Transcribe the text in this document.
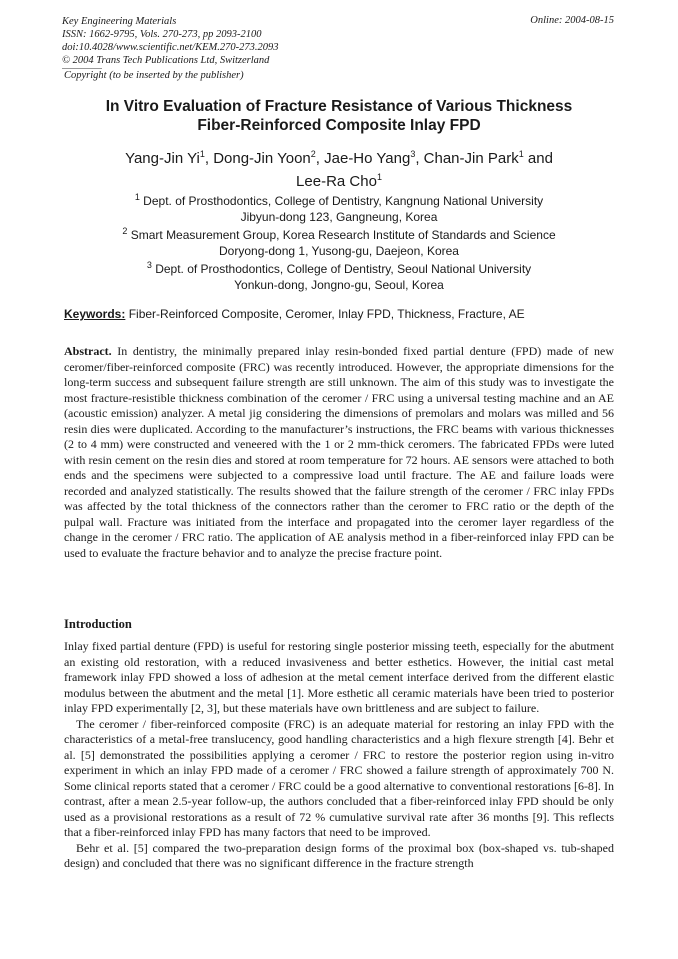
Key Engineering Materials
ISSN: 1662-9795, Vols. 270-273, pp 2093-2100
doi:10.4028/www.scientific.net/KEM.270-273.2093
© 2004 Trans Tech Publications Ltd, Switzerland
Online: 2004-08-15
Copyright (to be inserted by the publisher)
In Vitro Evaluation of Fracture Resistance of Various Thickness
Fiber-Reinforced Composite Inlay FPD
Yang-Jin Yi$^1$, Dong-Jin Yoon$^2$, Jae-Ho Yang$^3$, Chan-Jin Park$^1$ and
Lee-Ra Cho$^1$
$^1$ Dept. of Prosthodontics, College of Dentistry, Kangnung National University
Jibyun-dong 123, Gangneung, Korea
$^2$ Smart Measurement Group, Korea Research Institute of Standards and Science
Doryong-dong 1, Yusong-gu, Daejeon, Korea
$^3$ Dept. of Prosthodontics, College of Dentistry, Seoul National University
Yonkun-dong, Jongno-gu, Seoul, Korea
Keywords: Fiber-Reinforced Composite, Ceromer, Inlay FPD, Thickness, Fracture, AE
Abstract. In dentistry, the minimally prepared inlay resin-bonded fixed partial denture (FPD) made of new ceromer/fiber-reinforced composite (FRC) was recently introduced. However, the appropriate dimensions for the long-term success and subsequent failure strength are still unknown. The aim of this study was to investigate the most fracture-resistible thickness combination of the ceromer / FRC using a universal testing machine and an AE (acoustic emission) analyzer. A metal jig considering the dimensions of premolars and molars was milled and 56 resin dies were duplicated. According to the manufacturer’s instructions, the FRC beams with various thicknesses (2 to 4 mm) were constructed and veneered with the 1 or 2 mm-thick ceromers. The fabricated FPDs were luted with resin cement on the resin dies and stored at room temperature for 72 hours. AE sensors were attached to both ends and the specimens were subjected to a compressive load until fracture. The AE and failure loads were recorded and analyzed statistically. The results showed that the failure strength of the ceromer / FRC inlay FPDs was affected by the total thickness of the connectors rather than the ceromer to FRC ratio or the depth of the pulpal wall. Fracture was initiated from the interface and propagated into the ceromer layer regardless of the change in the ceromer / FRC ratio. The application of AE analysis method in a fiber-reinforced inlay FPD can be used to evaluate the fracture behavior and to analyze the precise fracture point.
Introduction

Inlay fixed partial denture (FPD) is useful for restoring single posterior missing teeth, especially for the abutment an existing old restoration, with a reduced invasiveness and better esthetics. However, the initial cast metal framework inlay FPD showed a loss of adhesion at the metal cement interface derived from the different elastic modulus between the abutment and the metal [1]. More esthetic all ceramic materials have been tried to posterior inlay FPD experimentally [2, 3], but these materials have own brittleness and are subject to failure.

The ceromer / fiber-reinforced composite (FRC) is an adequate material for restoring an inlay FPD with the characteristics of a metal-free translucency, good handling characteristics and a high flexure strength [4]. Behr et al. [5] demonstrated the possibilities applying a ceromer / FRC to restore the posterior region using in-vitro experiment in which an inlay FPD made of a ceromer / FRC showed a failure strength of approximately 700 N. Some clinical reports stated that a ceromer / FRC could be a good alternative to conventional restorations [6-8]. In contrast, after a mean 2.5-year follow-up, the authors concluded that a fiber-reinforced inlay FPD should be only used as a provisional restorations as a result of 72 % cumulative survival rate after 36 months [9]. This reflects that a fiber-reinforced inlay FPD has many factors that need to be improved.

Behr et al. [5] compared the two-preparation design forms of the proximal box (box-shaped vs. tub-shaped design) and concluded that there was no significant difference in the fracture strength
